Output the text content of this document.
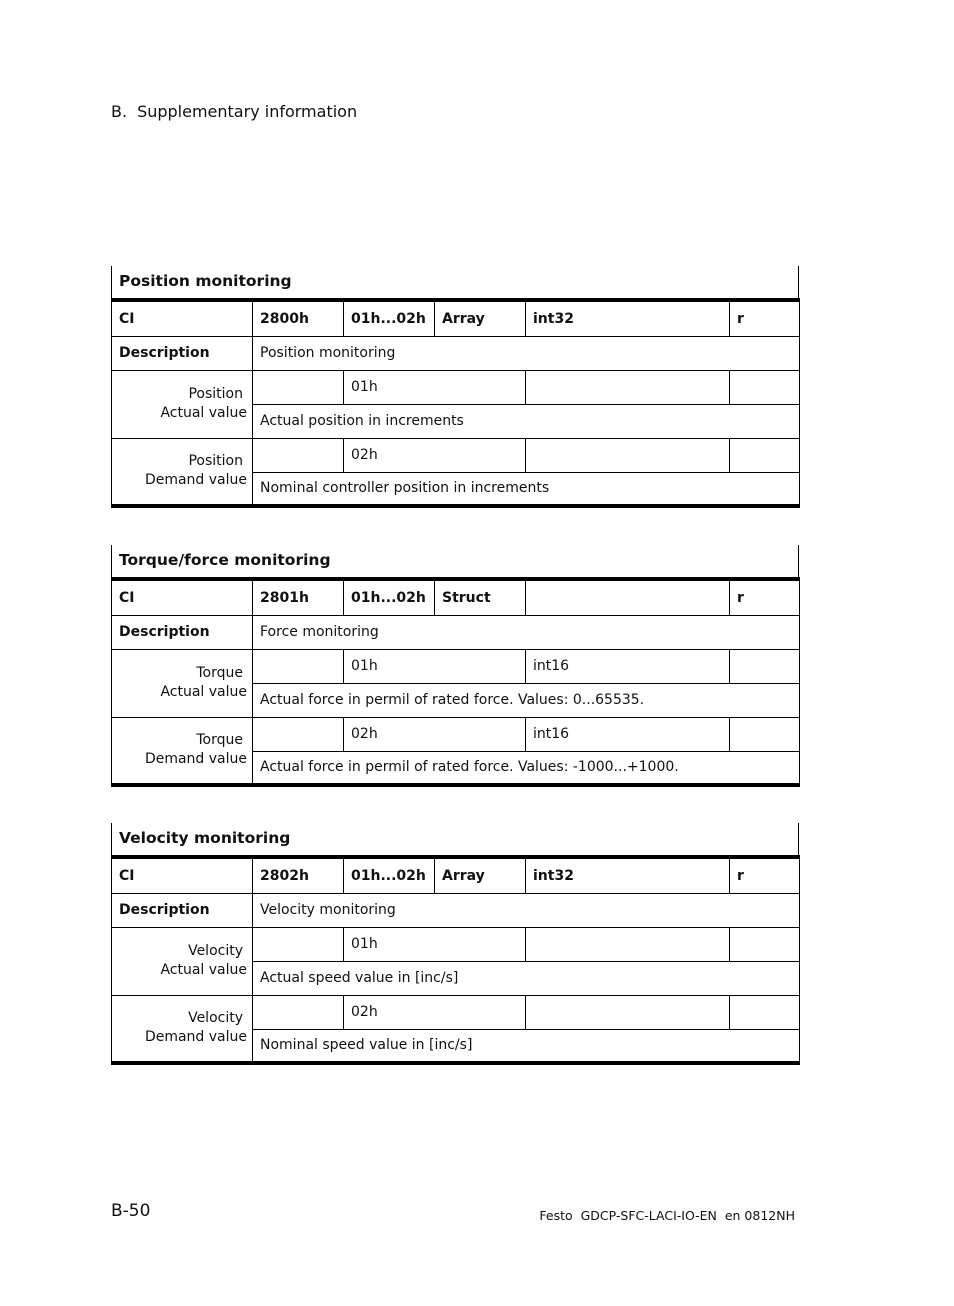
B. Supplementary information
Position monitoring
CI	2800h	01h...02h	Array	int32	r
Description	Position monitoring				

Position
Actual value		01h			
	Actual position in increments				

Position
Demand value		02h			
	Nominal controller position in increments				
Torque/force monitoring
CI	2801h	01h...02h	Struct		r
Description	Force monitoring				

Torque
Actual value		01h		int16	
	Actual force in permil of rated force. Values: 0...65535.				

Torque
Demand value		02h		int16	
	Actual force in permil of rated force. Values: -1000...+1000.				
Velocity monitoring
CI	2802h	01h...02h	Array	int32	r
Description	Velocity monitoring				

Velocity
Actual value		01h			
	Actual speed value in [inc/s]				

Velocity
Demand value		02h			
	Nominal speed value in [inc/s]				
B-50	Festo  GDCP-SFC-LACI-IO-EN  en 0812NH
